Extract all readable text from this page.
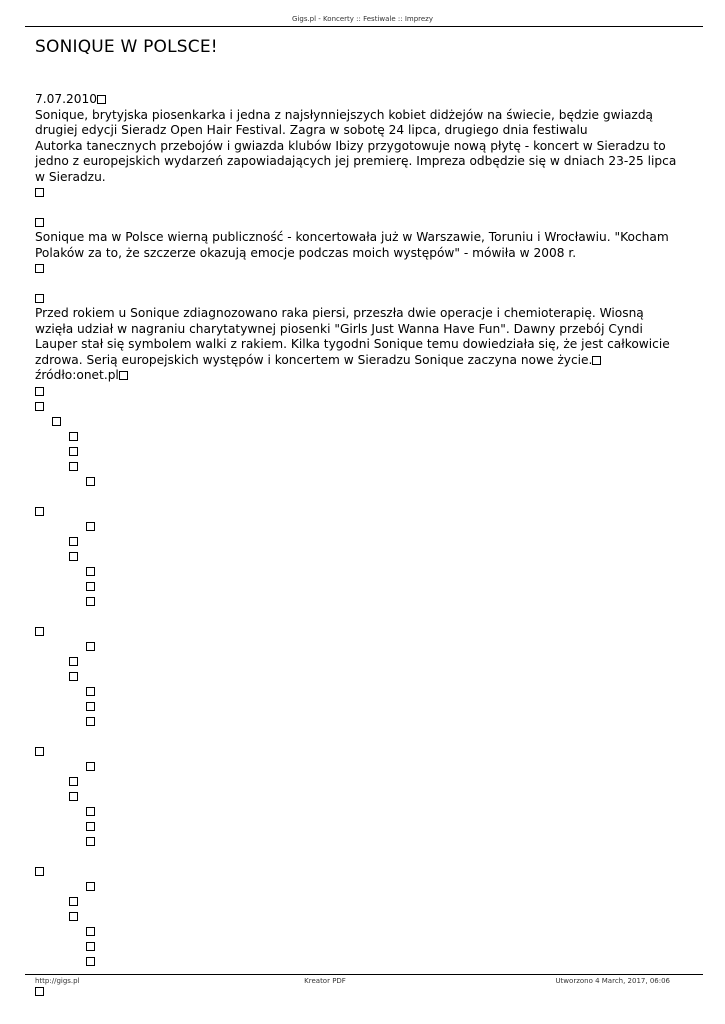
Gigs.pl - Koncerty :: Festiwale :: Imprezy
SONIQUE W POLSCE!

7.07.2010

Sonique, brytyjska piosenkarka i jedna z najsłynniejszych kobiet didżejów na świecie, będzie gwiazdą drugiej edycji Sieradz Open Hair Festival. Zagra w sobotę 24 lipca, drugiego dnia festiwalu

Autorka tanecznych przebojów i gwiazda klubów Ibizy przygotowuje nową płytę - koncert w Sieradzu to jedno z europejskich wydarzeń zapowiadających jej premierę. Impreza odbędzie się w dniach 23-25 lipca w Sieradzu.

Sonique ma w Polsce wierną publiczność - koncertowała już w Warszawie, Toruniu i Wrocławiu. "Kocham Polaków za to, że szczerze okazują emocje podczas moich występów" - mówiła w 2008 r.

Przed rokiem u Sonique zdiagnozowano raka piersi, przeszła dwie operacje i chemioterapię. Wiosną wzięła udział w nagraniu charytatywnej piosenki "Girls Just Wanna Have Fun". Dawny przebój Cyndi Lauper stał się symbolem walki z rakiem. Kilka tygodni Sonique temu dowiedziała się, że jest całkowicie zdrowa. Serią europejskich występów i koncertem w Sieradzu Sonique zaczyna nowe życie.

źródło:onet.pl

http://gigs.pl	Kreator PDF	Utworzono 4 March, 2017, 06:06
